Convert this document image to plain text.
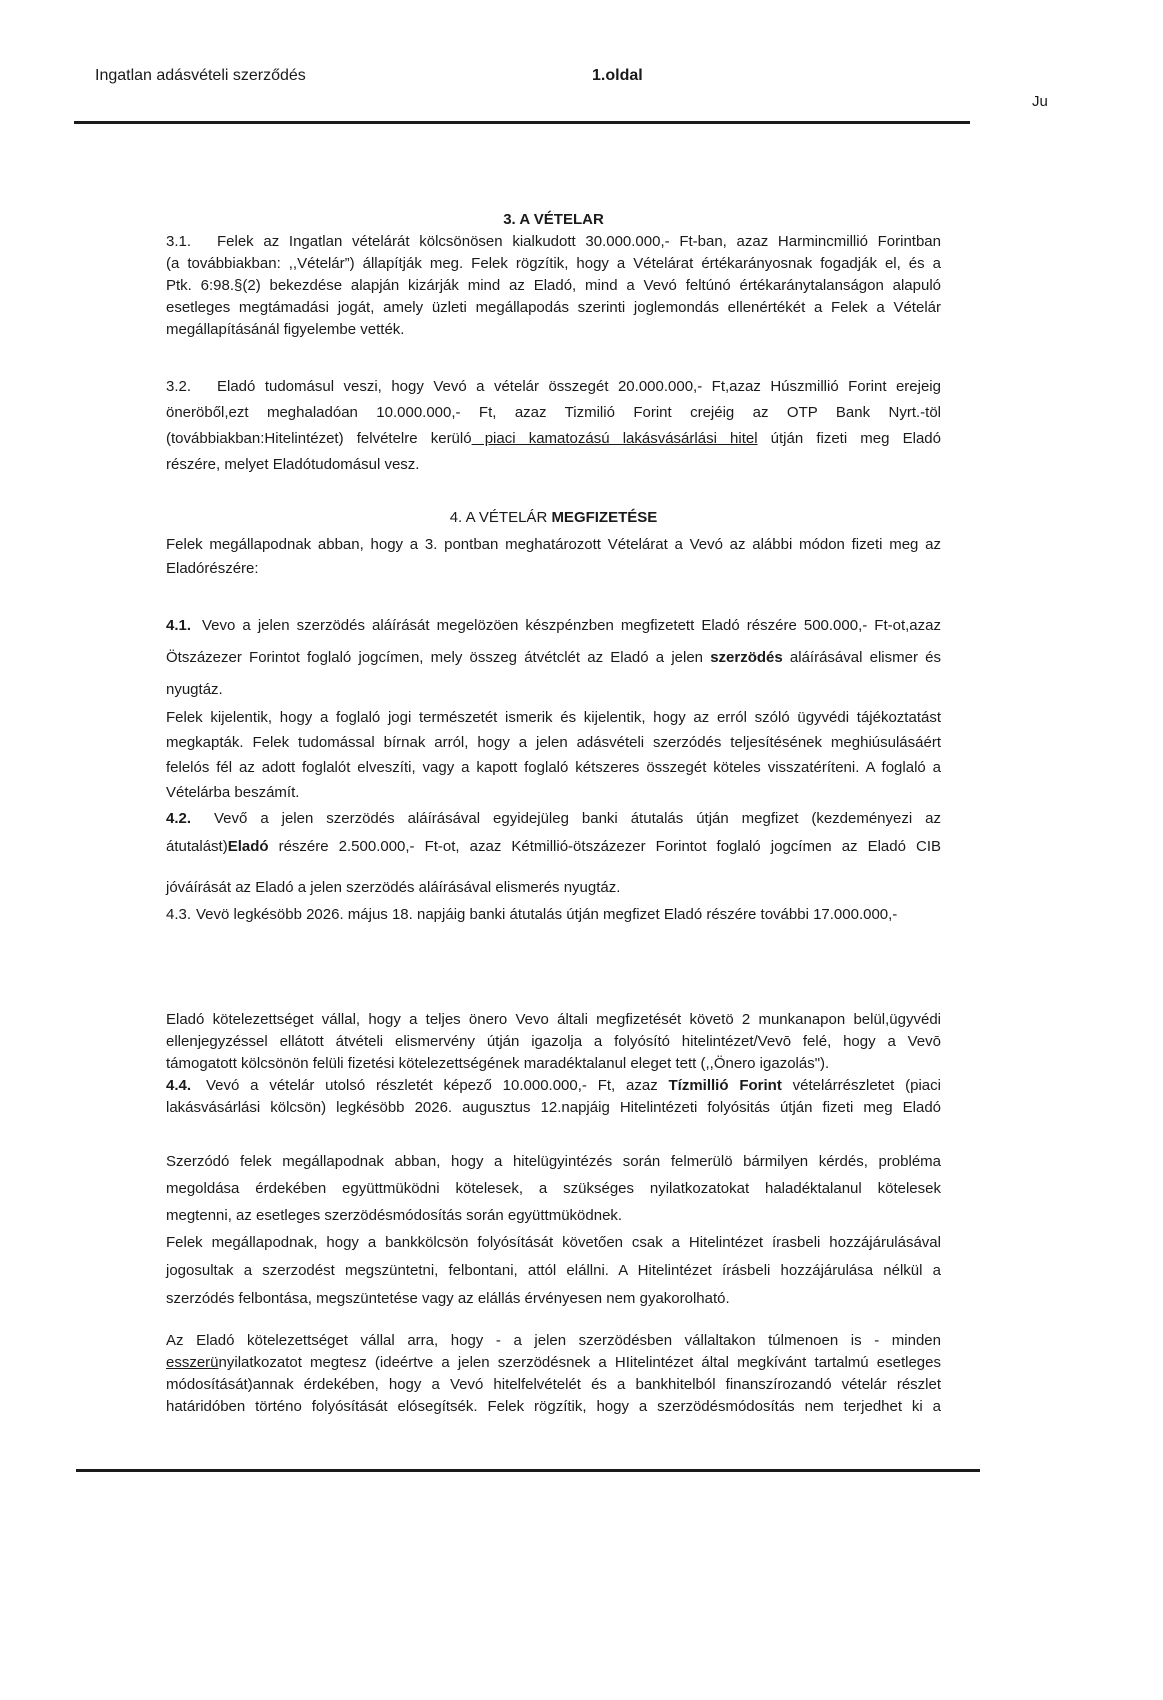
Ingatlan adásvételi szerződés	1.oldal
Ju

3. A VÉTELAR

3.1. Felek az Ingatlan vételárát kölcsönösen kialkudott 30.000.000,- Ft-ban, azaz Harmincmillió Forintban

(a továbbiakban: ,,Vételár”) állapítják meg. Felek rögzítik, hogy a Vételárat értékarányosnak fogadják el, és a

Ptk. 6:98.§(2) bekezdése alapján kizárják mind az Eladó, mind a Vevó feltúnó értékaránytalanságon alapuló

esetleges megtámadási jogát, amely üzleti megállapodás szerinti joglemondás ellenértékét a Felek a Vételár

megállapításánál figyelembe vették.

3.2. Eladó tudomásul veszi, hogy Vevó a vételár összegét 20.000.000,- Ft,azaz Húszmillió Forint erejeig

öneröből,ezt meghaladóan 10.000.000,- Ft, azaz Tizmilió Forint crejéig az OTP Bank Nyrt.-töl

(továbbiakban:Hitelintézet) felvételre kerüló piaci kamatozású lakásvásárlási hitel útján fizeti meg Eladó

részére, melyet Eladótudomásul vesz.

4. A VÉTELÁR MEGFIZETÉSE

Felek megállapodnak abban, hogy a 3. pontban meghatározott Vételárat a Vevó az alábbi módon fizeti meg az

Eladórészére:

4.1. Vevo a jelen szerzödés aláírását megelözöen készpénzben megfizetett Eladó részére 500.000,- Ft-ot,azaz

Ötszázezer Forintot foglaló jogcímen, mely összeg átvétclét az Eladó a jelen szerzödés aláírásával elismer és

nyugtáz.

Felek kijelentik, hogy a foglaló jogi természetét ismerik és kijelentik, hogy az erról szóló ügyvédi tájékoztatást

megkapták. Felek tudomással bírnak arról, hogy a jelen adásvételi szerzódés teljesítésének meghiúsulásáért

felelós fél az adott foglalót elveszíti, vagy a kapott foglaló kétszeres összegét köteles visszatéríteni. A foglaló a

Vételárba beszámít.

4.2. Vevő a jelen szerzödés aláírásával egyidejüleg banki átutalás útján megfizet (kezdeményezi az

átutalást)Eladó részére 2.500.000,- Ft-ot, azaz Kétmillió-ötszázezer Forintot foglaló jogcímen az Eladó CIB

jóváírását az Eladó a jelen szerzödés aláírásával elismerés nyugtáz.

4.3. Vevö legkésöbb 2026. május 18. napjáig banki átutalás útján megfizet Eladó részére további 17.000.000,-

Eladó kötelezettséget vállal, hogy a teljes önero Vevo általi megfizetését követö 2 munkanapon belül,ügyvédi

ellenjegyzéssel ellátott átvételi elismervény útján igazolja a folyósító hitelintézet/Vevō felé, hogy a Vevō

támogatott kölcsönön felüli fizetési kötelezettségének maradéktalanul eleget tett (,,Önero igazolás").

4.4. Vevó a vételár utolsó részletét képező 10.000.000,- Ft, azaz Tízmillió Forint vételárrészletet (piaci

lakásvásárlási kölcsön) legkésöbb 2026. augusztus 12.napjáig Hitelintézeti folyósitás útján fizeti meg Eladó

Szerzódó felek megállapodnak abban, hogy a hitelügyintézés során felmerülö bármilyen kérdés, probléma

megoldása érdekében együttmüködni kötelesek, a szükséges nyilatkozatokat haladéktalanul kötelesek

megtenni, az esetleges szerzödésmódosítás során együttmüködnek.

Felek megállapodnak, hogy a bankkölcsön folyósítását követően csak a Hitelintézet írasbeli hozzájárulásával

jogosultak a szerzodést megszüntetni, felbontani, attól elállni. A Hitelintézet írásbeli hozzájárulása nélkül a

szerzódés felbontása, megszüntetése vagy az elállás érvényesen nem gyakorolható.

Az Eladó kötelezettséget vállal arra, hogy - a jelen szerzödésben vállaltakon túlmenoen is - minden

esszerünyilatkozatot megtesz (ideértve a jelen szerzödésnek a HIitelintézet által megkívánt tartalmú esetleges

módosítását)annak érdekében, hogy a Vevó hitelfelvételét és a bankhitelból finanszírozandó vételár részlet

határidóben történo folyósítását elósegítsék. Felek rögzítik, hogy a szerzödésmódosítás nem terjedhet ki a
